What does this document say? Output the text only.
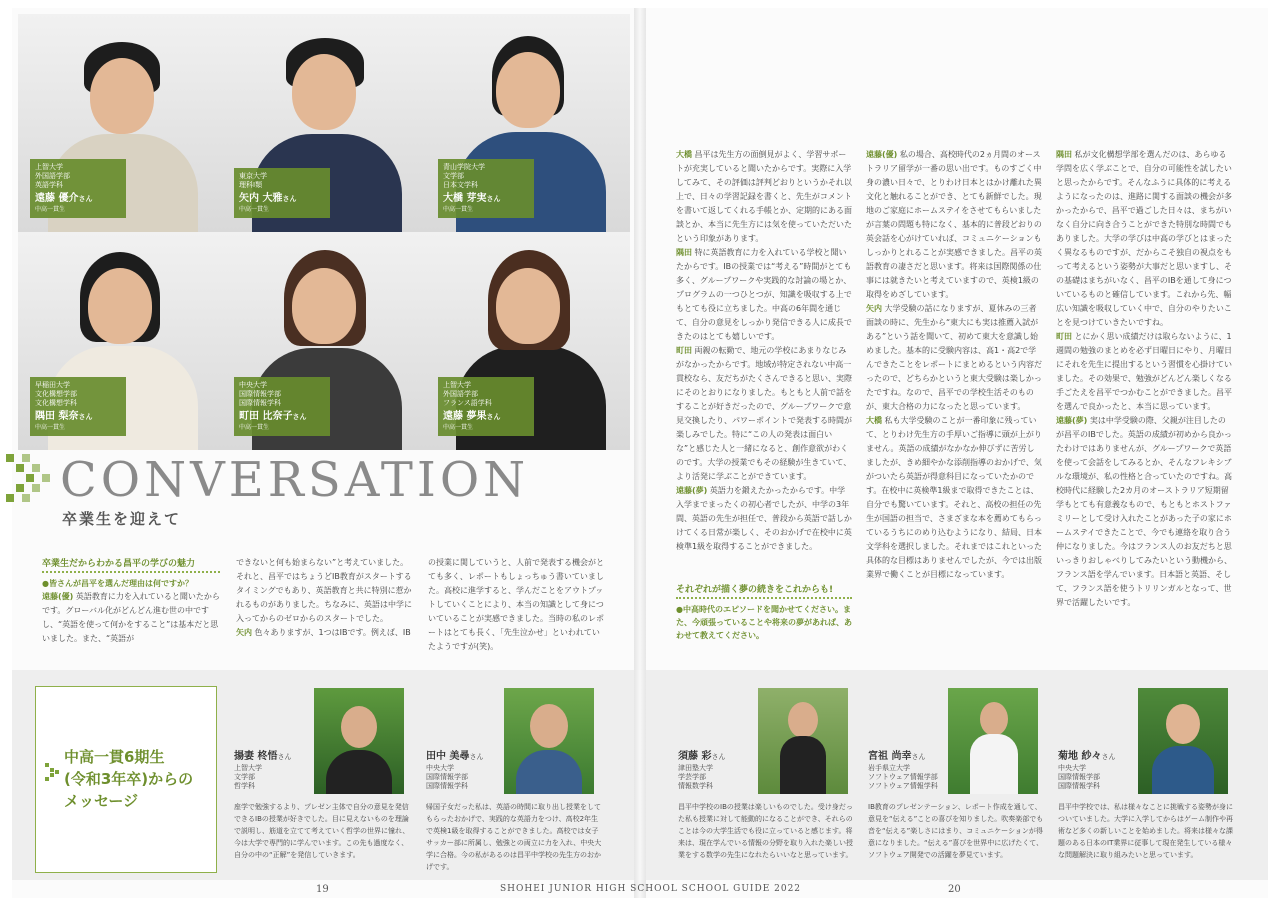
上智大学
外国語学部
英語学科
遠藤 優介さん
中高一貫生
東京大学
理科Ⅰ類
矢内 大雅さん
中高一貫生
青山学院大学
文学部
日本文学科
大橋 芽実さん
中高一貫生
早稲田大学
文化構想学部
文化構想学科
隅田 梨奈さん
中高一貫生
中央大学
国際情報学部
国際情報学科
町田 比奈子さん
中高一貫生
上智大学
外国語学部
フランス語学科
遠藤 夢果さん
中高一貫生
CONVERSATION
卒業生を迎えて
卒業生だからわかる昌平の学びの魅力
●皆さんが昌平を選んだ理由は何ですか？
遠藤(優) 英語教育に力を入れていると聞いたからです。グローバル化がどんどん進む世の中ですし、“英語を使って何かをすること”は基本だと思いました。また、“英語が
できないと何も始まらない”と考えていました。それと、昌平ではちょうどIB教育がスタートするタイミングでもあり、英語教育と共に特別に惹かれるものがありました。ちなみに、英語は中学に入ってからのゼロからのスタートでした。
矢内 色々ありますが、1つはIBです。例えば、IB
の授業に関していうと、人前で発表する機会がとても多く、レポートもしょっちゅう書いていました。高校に進学すると、学んだことをアウトプットしていくことにより、本当の知識として身についていることが実感できました。当時の私のレポートはとても長く、「先生泣かせ」といわれていたようですが(笑)。
大橋 昌平は先生方の面倒見がよく、学習サポートが充実していると聞いたからです。実際に入学してみて、その評価は評判どおりというかそれ以上で、日々の学習記録を書くと、先生がコメントを書いて返してくれる手帳とか、定期的にある面談とか、本当に先生方には気を使っていただいたという印象があります。
隅田 特に英語教育に力を入れている学校と聞いたからです。IBの授業では“考える”時間がとても多く、グループワークや実践的な討論の場とか、プログラムの一つひとつが、知識を吸収する上でもとても役に立ちました。中高の6年間を通じて、自分の意見をしっかり発信できる人に成長できたのはとても嬉しいです。
町田 両親の転勤で、地元の学校にあまりなじみがなかったからです。地域が特定されない中高一貫校なら、友だちがたくさんできると思い、実際にそのとおりになりました。もともと人前で話をすることが好きだったので、グループワークで意見交換したり、パワーポイントで発表する時間が楽しみでした。特に“この人の発表は面白いな”と感じた人と一緒になると、創作意欲がわくのです。大学の授業でもその経験が生きていて、より活発に学ぶことができています。
遠藤(夢) 英語力を鍛えたかったからです。中学入学までまったくの初心者でしたが、中学の3年間、英語の先生が担任で、普段から英語で話しかけてくる日常が楽しく、そのおかげで在校中に英検準1級を取得することができました。
それぞれが描く夢の続きをこれからも!
●中高時代のエピソードを聞かせてください。また、今頑張っていることや将来の夢があれば、あわせて教えてください。
遠藤(優) 私の場合、高校時代の2ヵ月間のオーストラリア留学が一番の思い出です。ものすごく中身の濃い日々で、とりわけ日本とはかけ離れた異文化と触れることができ、とても新鮮でした。現地のご家庭にホームステイをさせてもらいましたが言葉の問題も特になく、基本的に普段どおりの英会話を心がけていれば、コミュニケーションもしっかりとれることが実感できました。昌平の英語教育の凄さだと思います。将来は国際関係の仕事には就きたいと考えていますので、英検1級の取得をめざしています。
矢内 大学受験の話になりますが、夏休みの三者面談の時に、先生から“東大にも実は推薦入試がある”という話を聞いて、初めて東大を意識し始めました。基本的に受験内容は、高1・高2で学んできたことをレポートにまとめるという内容だったので、どちらかというと東大受験は楽しかったですね。なので、昌平での学校生活そのものが、東大合格の力になったと思っています。
大橋 私も大学受験のことが一番印象に残っていて、とりわけ先生方の手厚いご指導に頭が上がりません。英語の成績がなかなか伸びずに苦労しましたが、きめ細やかな添削指導のおかげで、気がついたら英語が得意科目になっていたかのです。在校中に英検準1級まで取得できたことは、自分でも驚いています。それと、高校の担任の先生が国語の担当で、さまざまな本を薦めてもらっているうちにのめり込むようになり、結局、日本文学科を選択しました。それまではこれといった具体的な目標はありませんでしたが、今では出版業界で働くことが目標になっています。
隅田 私が文化構想学部を選んだのは、あらゆる学問を広く学ぶことで、自分の可能性を試したいと思ったからです。そんなふうに具体的に考えるようになったのは、進路に関する面談の機会が多かったからで、昌平で過ごした日々は、まちがいなく自分に向き合うことができた特別な時間でもありました。大学の学びは中高の学びとはまったく異なるものですが、だからこそ独自の視点をもって考えるという姿勢が大事だと思いますし、その基礎はまちがいなく、昌平のIBを通して身についているものと確信しています。これから先、幅広い知識を吸収していく中で、自分のやりたいことを見つけていきたいですね。
町田 とにかく思い成績だけは取らないように、1週間の勉強のまとめを必ず日曜日にやり、月曜日にそれを先生に提出するという習慣を心掛けていました。その効果で、勉強がどんどん楽しくなる手ごたえを昌平でつかむことができました。昌平を選んで良かったと、本当に思っています。
遠藤(夢) 実は中学受験の際、父親が注目したのが昌平のIBでした。英語の成績が初めから良かったわけではありませんが、グループワークで英語を使って会話をしてみるとか、そんなフレキシブルな環境が、私の性格と合っていたのですね。高校時代に経験した2カ月のオーストラリア短期留学もとても有意義なもので、もともとホストファミリーとして受け入れたことがあった子の家にホームステイできたことで、今でも連絡を取り合う仲になりました。今はフランス人のお友だちと思いっきりおしゃべりしてみたいという動機から、フランス語を学んでいます。日本語と英語、そして、フランス語を使うトリリンガルとなって、世界で活躍したいです。
中高一貫6期生
(令和3年卒)からの
メッセージ
揚妻 柊悟さん
上智大学
文学部
哲学科
座学で勉強するより、プレゼン主体で自分の意見を発信できるIBの授業が好きでした。目に見えないものを理論で説明し、筋道を立てて考えていく哲学の世界に憧れ、今は大学で専門的に学んでいます。この先も過度なく、自分の中の“正解”を発信していきます。
田中 美尋さん
中央大学
国際情報学部
国際情報学科
帰国子女だった私は、英語の時間に取り出し授業をしてもらったおかげで、実践的な英語力をつけ、高校2年生で英検1級を取得することができました。高校では女子サッカー部に所属し、勉強との両立に力を入れ、中央大学に合格。今の私があるのは昌平中学校の先生方のおかげです。
須藤 彩さん
津田塾大学
学芸学部
情報数学科
昌平中学校のIBの授業は楽しいものでした。受け身だった私も授業に対して能動的になることができ、それらのことは今の大学生活でも役に立っていると感じます。将来は、現在学んでいる情報の分野を取り入れた楽しい授業をする数学の先生になれたらいいなと思っています。
宮祖 尚幸さん
岩手県立大学
ソフトウェア情報学部
ソフトウェア情報学科
IB教育のプレゼンテーション、レポート作成を通して、意見を“伝える”ことの喜びを知りました。吹奏楽部でも音を“伝える”楽しさにはまり、コミュニケーションが得意になりました。“伝える”喜びを世界中に広げたくて、ソフトウェア開発での活躍を夢見ています。
菊地 紗々さん
中央大学
国際情報学部
国際情報学科
昌平中学校では、私は様々なことに挑戦する姿勢が身についていました。大学に入学してからはゲーム制作や再術など多くの新しいことを始めました。将来は様々な課題のある日本のIT業界に従事して現在発生している様々な問題解決に取り組みたいと思っています。
19	SHOHEI JUNIOR HIGH SCHOOL SCHOOL GUIDE 2022	20
